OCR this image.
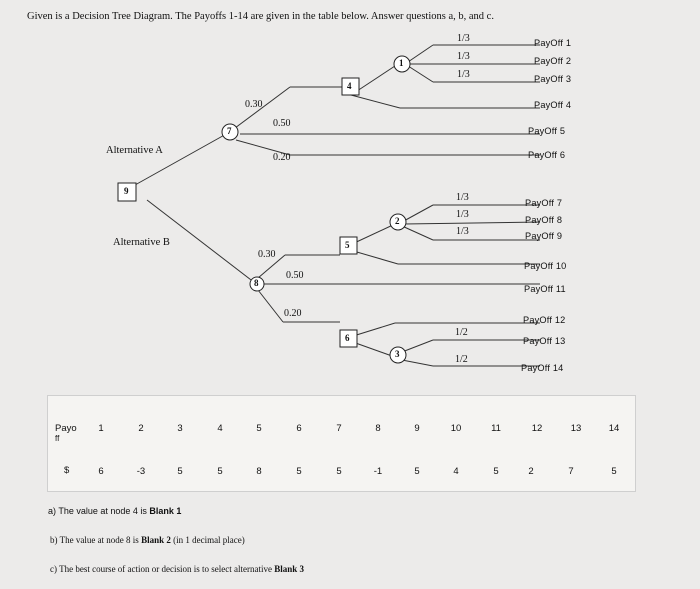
Given is a Decision Tree Diagram. The Payoffs 1-14 are given in the table below. Answer questions a, b, and c.
9
7
4
1
8
5
2
6
3
Alternative A
Alternative B
1/3
1/3
1/3
0.30
0.50
0.20
1/3
1/3
1/3
0.30
0.50
0.20
1/2
1/2
PayOff 1
PayOff 2
PayOff 3
PayOff 4
PayOff 5
PayOff 6
PayOff 7
PayOff 8
PayOff 9
PayOff 10
PayOff 11
PayOff 12
PayOff 13
PayOff 14
Payo
ff
$
1	2	3	4	5	6	7	8	9	10	11	12	13	14
6	-3	5	5	8	5	5	-1	5	4	5	2	7	5
a) The value at node 4 is Blank 1
b) The value at node 8 is Blank 2 (in 1 decimal place)
c) The best course of action or decision is to select alternative Blank 3
